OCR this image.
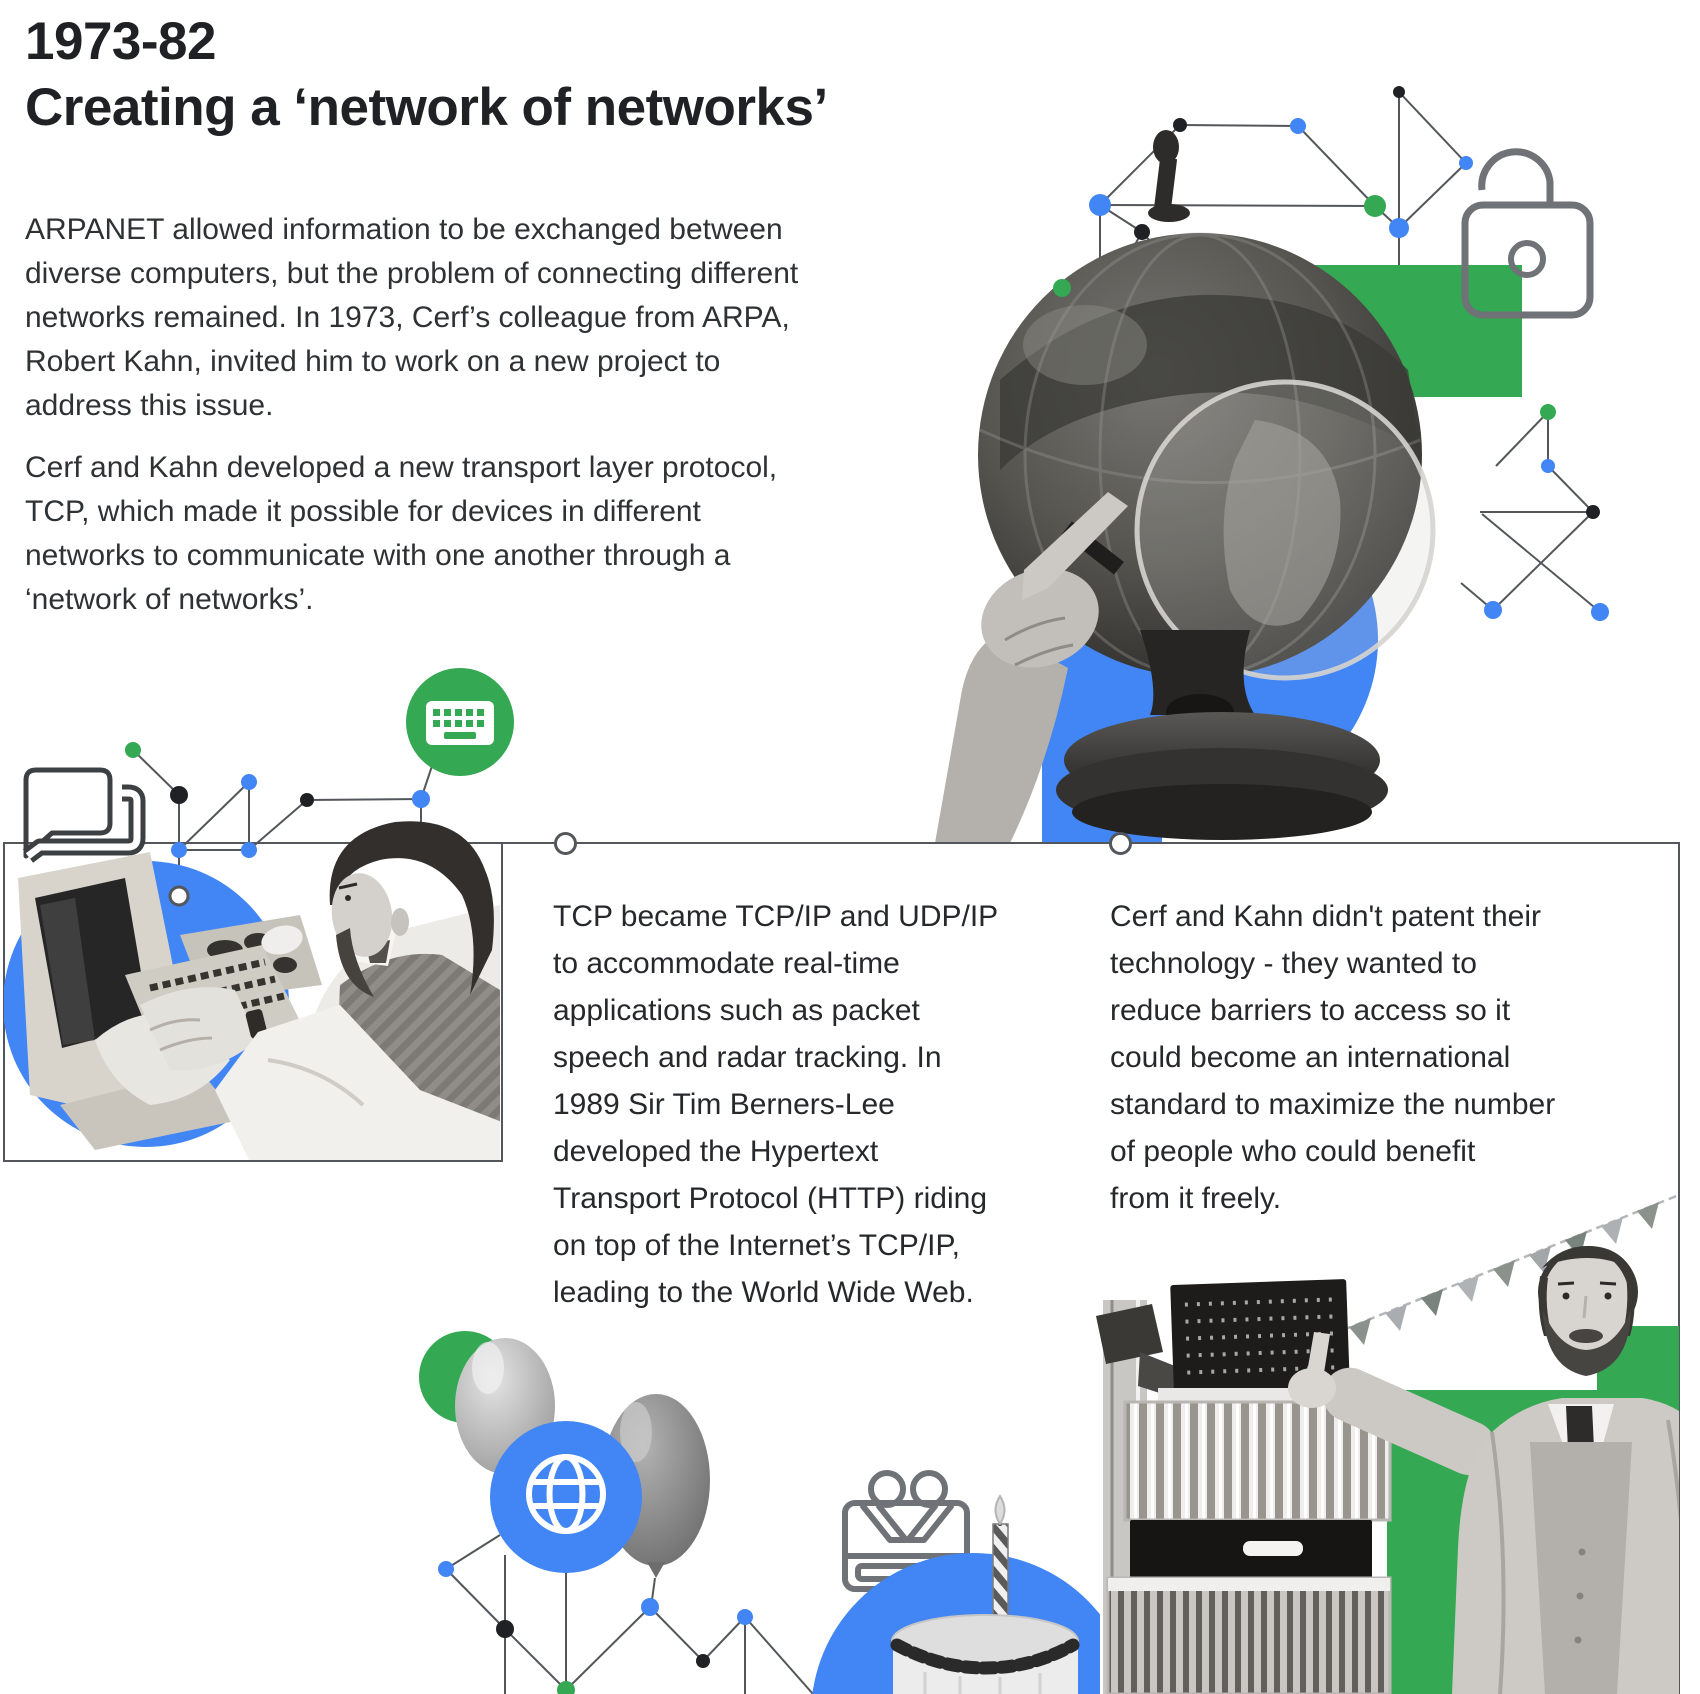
1973-82
Creating a ‘network of networks’
ARPANET allowed information to be exchanged between
diverse computers, but the problem of connecting different
networks remained. In 1973, Cerf’s colleague from ARPA,
Robert Kahn, invited him to work on a new project to
address this issue.
Cerf and Kahn developed a new transport layer protocol,
TCP, which made it possible for devices in different
networks to communicate with one another through a
‘network of networks’.
TCP became TCP/IP and UDP/IP
to accommodate real-time
applications such as packet
speech and radar tracking. In
1989 Sir Tim Berners-Lee
developed the Hypertext
Transport Protocol (HTTP) riding
on top of the Internet’s TCP/IP,
leading to the World Wide Web.
Cerf and Kahn didn't patent their
technology - they wanted to
reduce barriers to access so it
could become an international
standard to maximize the number
of people who could benefit
from it freely.
